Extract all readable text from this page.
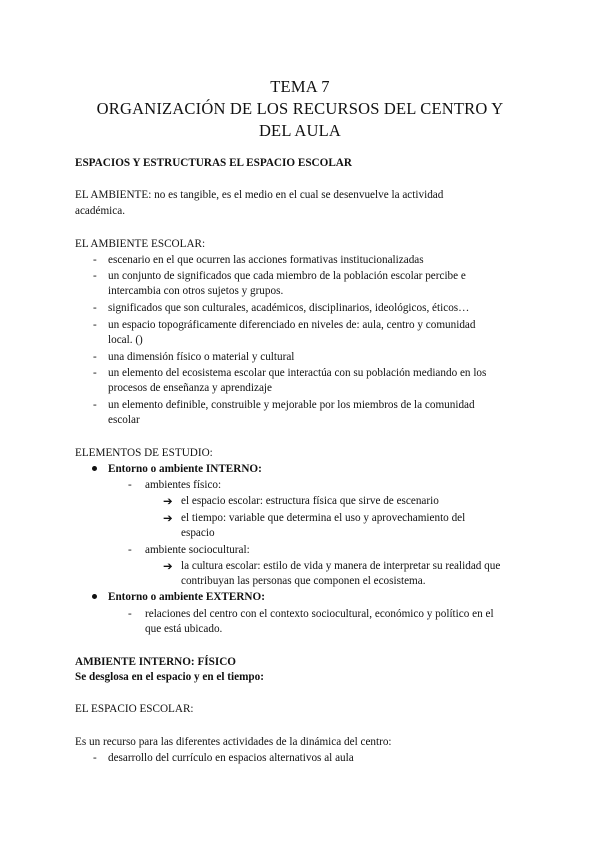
TEMA 7
ORGANIZACIÓN DE LOS RECURSOS DEL CENTRO Y
DEL AULA
ESPACIOS Y ESTRUCTURAS EL ESPACIO ESCOLAR
EL AMBIENTE: no es tangible, es el medio en el cual se desenvuelve la actividad
académica.
EL AMBIENTE ESCOLAR:
- escenario en el que ocurren las acciones formativas institucionalizadas
- un conjunto de significados que cada miembro de la población escolar percibe e
intercambia con otros sujetos y grupos.
- significados que son culturales, académicos, disciplinarios, ideológicos, éticos…
- un espacio topográficamente diferenciado en niveles de: aula, centro y comunidad
local. ()
- una dimensión físico o material y cultural
- un elemento del ecosistema escolar que interactúa con su población mediando en los
procesos de enseñanza y aprendizaje
- un elemento definible, construible y mejorable por los miembros de la comunidad
escolar
ELEMENTOS DE ESTUDIO:
Entorno o ambiente INTERNO:
- ambientes físico:
➔ el espacio escolar: estructura física que sirve de escenario
➔ el tiempo: variable que determina el uso y aprovechamiento del
espacio
- ambiente sociocultural:
➔ la cultura escolar: estilo de vida y manera de interpretar su realidad que
contribuyan las personas que componen el ecosistema.
Entorno o ambiente EXTERNO:
- relaciones del centro con el contexto sociocultural, económico y político en el
que está ubicado.
AMBIENTE INTERNO: FÍSICO
Se desglosa en el espacio y en el tiempo:
EL ESPACIO ESCOLAR:
Es un recurso para las diferentes actividades de la dinámica del centro:
- desarrollo del currículo en espacios alternativos al aula
